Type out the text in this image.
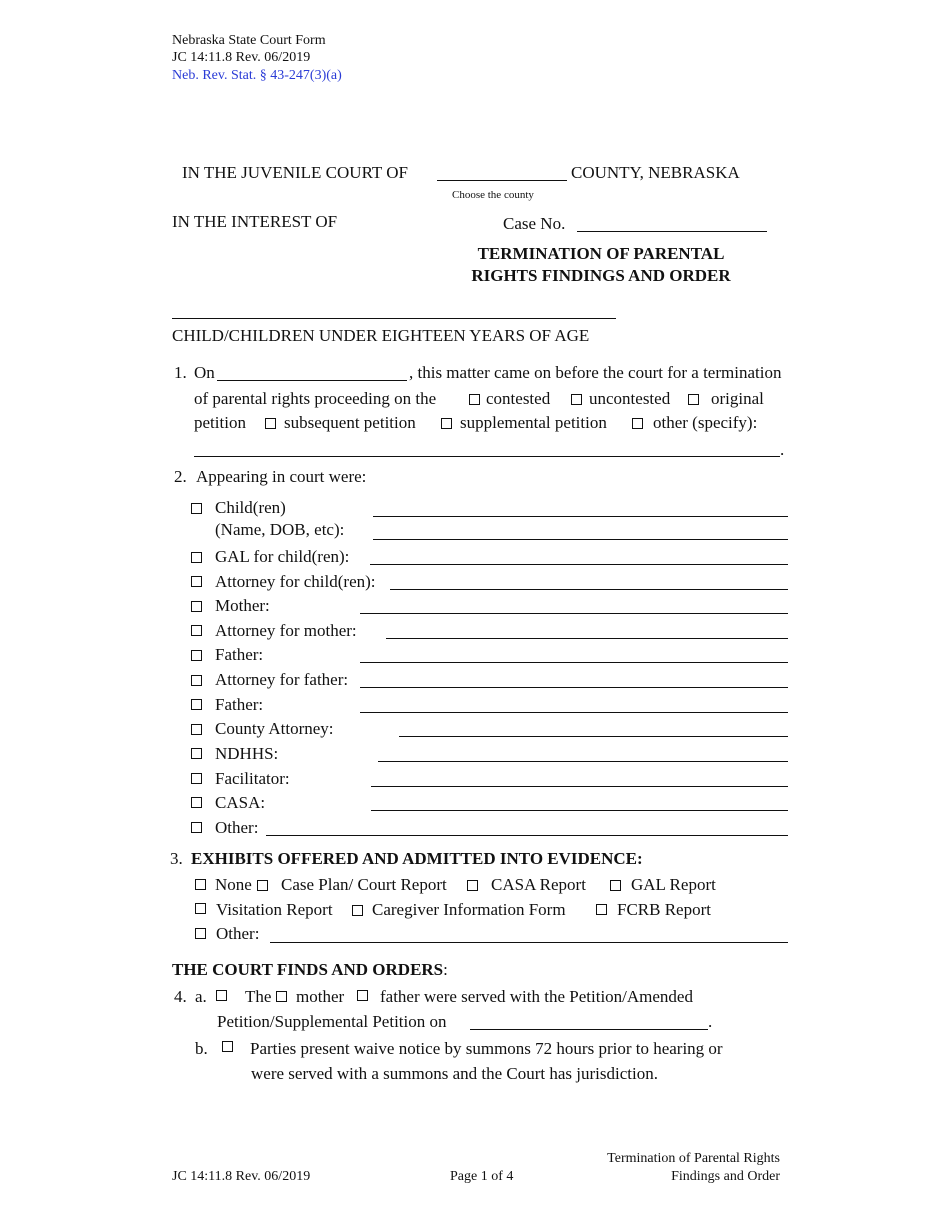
Nebraska State Court Form
JC 14:11.8 Rev. 06/2019
Neb. Rev. Stat. § 43-247(3)(a)
IN THE JUVENILE COURT OF	COUNTY, NEBRASKA
Choose the county
IN THE INTEREST OF	Case No.
TERMINATION OF PARENTAL
RIGHTS FINDINGS AND ORDER
CHILD/CHILDREN UNDER EIGHTEEN YEARS OF AGE
1. On	, this matter came on before the court for a termination
of parental rights proceeding on the	contested uncontested original
petition subsequent petition	supplemental petition	other (specify):
.
2. Appearing in court were:
Child(ren)
(Name, DOB, etc):
GAL for child(ren):
Attorney for child(ren):
Mother:
Attorney for mother:
Father:
Attorney for father:
Father:
County Attorney:
NDHHS:
Facilitator:
CASA:
Other:
3. EXHIBITS OFFERED AND ADMITTED INTO EVIDENCE:
None Case Plan/ Court Report	CASA Report	GAL Report
Visitation Report Caregiver Information Form	FCRB Report
Other:
THE COURT FINDS AND ORDERS:
4. a. The mother father were served with the Petition/Amended
Petition/Supplemental Petition on	.
b. Parties present waive notice by summons 72 hours prior to hearing or
were served with a summons and the Court has jurisdiction.
Termination of Parental Rights
JC 14:11.8 Rev. 06/2019	Page 1 of 4	Findings and Order
